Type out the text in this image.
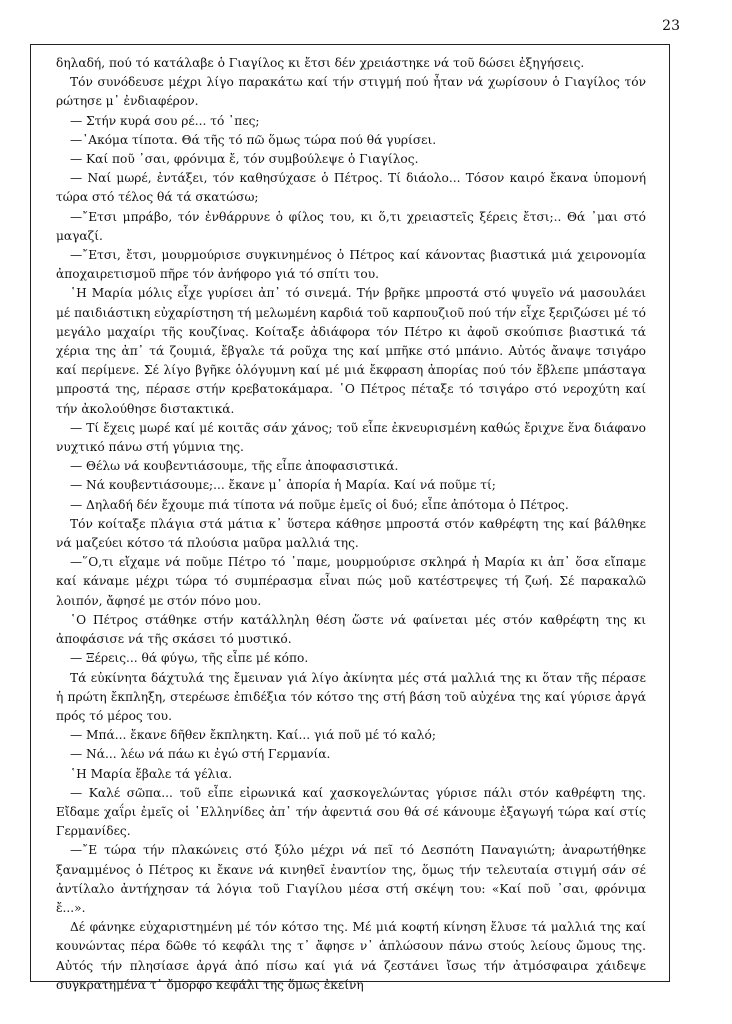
23

δηλαδή, πού τό κατάλαβε ὁ Γιαγίλος κι ἔτσι δέν χρειάστηκε νά τοῦ δώσει ἐξηγήσεις.

Τόν συνόδευσε μέχρι λίγο παρακάτω καί τήν στιγμή πού ἦταν νά χωρίσουν ὁ Γιαγίλος τόν ρώτησε μ᾿ ἐνδιαφέρον.

— Στήν κυρά σου ρέ... τό ᾿πες;

—᾿Ακόμα τίποτα. Θά τῆς τό πῶ ὅμως τώρα πού θά γυρίσει.

— Καί ποῦ ᾿σαι, φρόνιμα ἔ, τόν συμβούλεψε ὁ Γιαγίλος.

— Ναί μωρέ, ἐντάξει, τόν καθησύχασε ὁ Πέτρος. Τί διάολο... Τόσον καιρό ἔκανα ὑπομονή τώρα στό τέλος θά τά σκατώσω;

—῎Ετσι μπράβο, τόν ἐνθάρρυνε ὁ φίλος του, κι ὅ,τι χρειαστεῖς ξέρεις ἔτσι;.. Θά ᾿μαι στό μαγαζί.

—῎Ετσι, ἔτσι, μουρμούρισε συγκινημένος ὁ Πέτρος καί κάνοντας βιαστικά μιά χειρονομία ἀποχαιρετισμοῦ πῆρε τόν ἀνήφορο γιά τό σπίτι του.

῾Η Μαρία μόλις εἶχε γυρίσει ἀπ᾿ τό σινεμά. Τήν βρῆκε μπροστά στό ψυγεῖο νά μασουλάει μέ παιδιάστικη εὐχαρίστηση τή μελωμένη καρδιά τοῦ καρπουζιοῦ πού τήν εἶχε ξεριζώσει μέ τό μεγάλο μαχαίρι τῆς κουζίνας. Κοίταξε ἀδιάφορα τόν Πέτρο κι ἀφοῦ σκούπισε βιαστικά τά χέρια της ἀπ᾿ τά ζουμιά, ἔβγαλε τά ροῦχα της καί μπῆκε στό μπάνιο. Αὐτός ἄναψε τσιγάρο καί περίμενε. Σέ λίγο βγῆκε ὁλόγυμνη καί μέ μιά ἔκφραση ἀπορίας πού τόν ἔβλεπε μπάσταγα μπροστά της, πέρασε στήν κρεβατοκάμαρα. ῾Ο Πέτρος πέταξε τό τσιγάρο στό νεροχύτη καί τήν ἀκολούθησε διστακτικά.

— Τί ἔχεις μωρέ καί μέ κοιτᾶς σάν χάνος; τοῦ εἶπε ἐκνευρισμένη καθώς ἔριχνε ἕνα διάφανο νυχτικό πάνω στή γύμνια της.

— Θέλω νά κουβεντιάσουμε, τῆς εἶπε ἀποφασιστικά.

— Νά κουβεντιάσουμε;... ἔκανε μ᾿ ἀπορία ἡ Μαρία. Καί νά ποῦμε τί;

— Δηλαδή δέν ἔχουμε πιά τίποτα νά ποῦμε ἐμεῖς οἱ δυό; εἶπε ἀπότομα ὁ Πέτρος.

Τόν κοίταξε πλάγια στά μάτια κ᾿ ὕστερα κάθησε μπροστά στόν καθρέφτη της καί βάλθηκε νά μαζεύει κότσο τά πλούσια μαῦρα μαλλιά της.

—῞Ο,τι εἴχαμε νά ποῦμε Πέτρο τό ᾿παμε, μουρμούρισε σκληρά ἡ Μαρία κι ἀπ᾿ ὅσα εἴπαμε καί κάναμε μέχρι τώρα τό συμπέρασμα εἶναι πώς μοῦ κατέστρεψες τή ζωή. Σέ παρακαλῶ λοιπόν, ἄφησέ με στόν πόνο μου.

῾Ο Πέτρος στάθηκε στήν κατάλληλη θέση ὥστε νά φαίνεται μές στόν καθρέφτη της κι ἀποφάσισε νά τῆς σκάσει τό μυστικό.

— Ξέρεις... θά φύγω, τῆς εἶπε μέ κόπο.

Τά εὐκίνητα δάχτυλά της ἔμειναν γιά λίγο ἀκίνητα μές στά μαλλιά της κι ὅταν τῆς πέρασε ἡ πρώτη ἔκπληξη, στερέωσε ἐπιδέξια τόν κότσο της στή βάση τοῦ αὐχένα της καί γύρισε ἀργά πρός τό μέρος του.

— Μπά... ἔκανε δῆθεν ἔκπληκτη. Καί... γιά ποῦ μέ τό καλό;

— Νά... λέω νά πάω κι ἐγώ στή Γερμανία.

῾Η Μαρία ἔβαλε τά γέλια.

— Καλέ σῶπα... τοῦ εἶπε εἰρωνικά καί χασκογελώντας γύρισε πάλι στόν καθρέφτη της. Εἴδαμε χαΐρι ἐμεῖς οἱ ῾Ελληνίδες ἀπ᾿ τήν ἀφεντιά σου θά σέ κάνουμε ἐξαγωγή τώρα καί στίς Γερμανίδες.

—῎Ε τώρα τήν πλακώνεις στό ξύλο μέχρι νά πεῖ τό Δεσπότη Παναγιώτη; ἀναρωτήθηκε ξαναμμένος ὁ Πέτρος κι ἔκανε νά κινηθεῖ ἐναντίον της, ὅμως τήν τελευταία στιγμή σάν σέ ἀντίλαλο ἀντήχησαν τά λόγια τοῦ Γιαγίλου μέσα στή σκέψη του: «Καί ποῦ ᾿σαι, φρόνιμα ἔ...».

Δέ φάνηκε εὐχαριστημένη μέ τόν κότσο της. Μέ μιά κοφτή κίνηση ἔλυσε τά μαλλιά της καί κουνώντας πέρα δῶθε τό κεφάλι της τ᾿ ἄφησε ν᾿ ἁπλώσουν πάνω στούς λείους ὤμους της. Αὐτός τήν πλησίασε ἀργά ἀπό πίσω καί γιά νά ζεστάνει ἴσως τήν ἀτμόσφαιρα χάιδεψε συγκρατημένα τ᾿ ὄμορφο κεφάλι της ὅμως ἐκείνη
